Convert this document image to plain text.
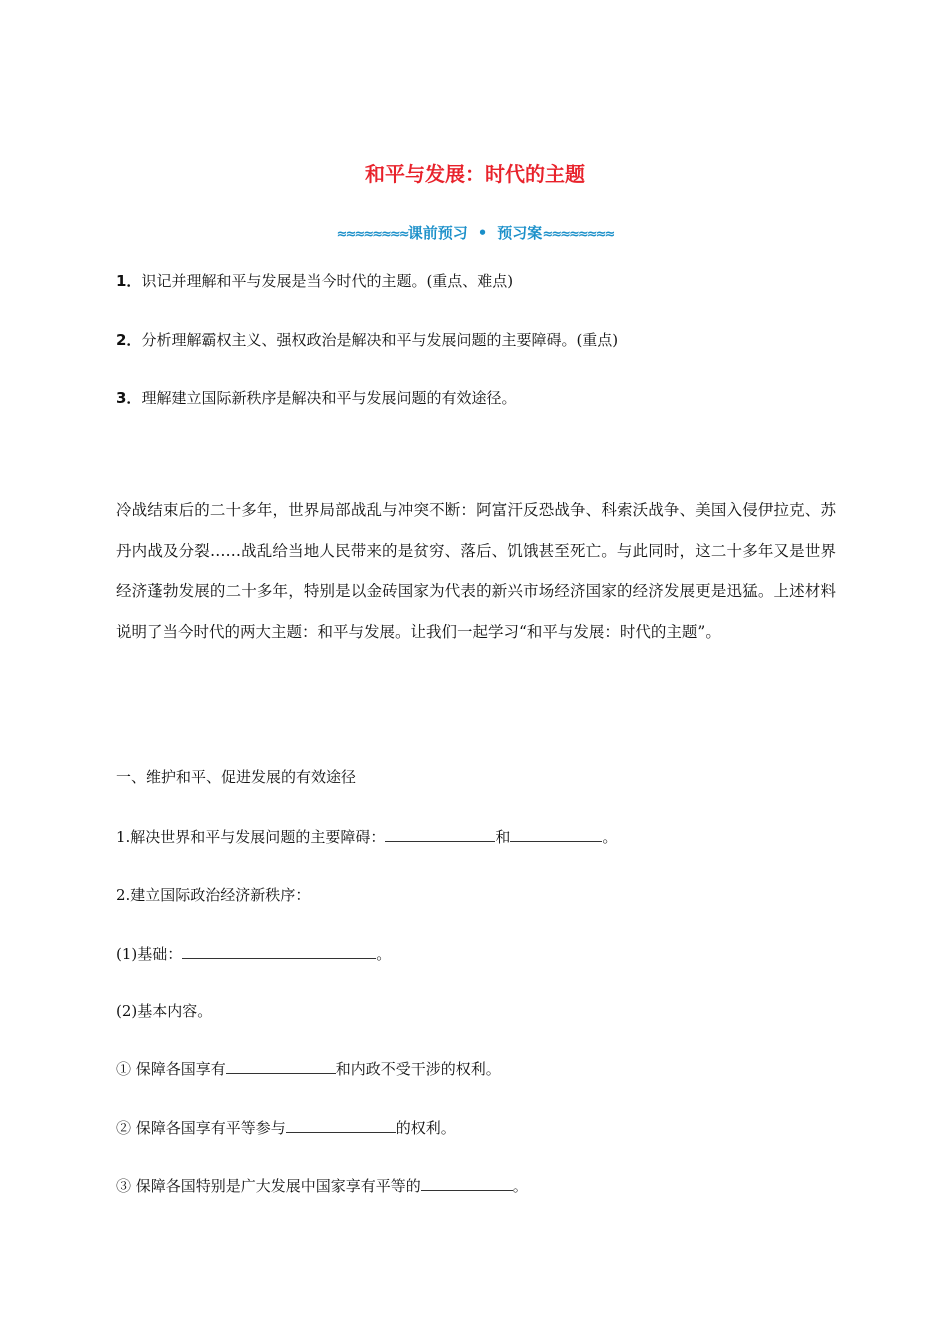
和平与发展：时代的主题
≈≈≈≈≈≈≈≈课前预习 • 预习案≈≈≈≈≈≈≈≈
1．识记并理解和平与发展是当今时代的主题。(重点、难点)
2．分析理解霸权主义、强权政治是解决和平与发展问题的主要障碍。(重点)
3．理解建立国际新秩序是解决和平与发展问题的有效途径。
冷战结束后的二十多年，世界局部战乱与冲突不断：阿富汗反恐战争、科索沃战争、美国入侵伊拉克、苏丹内战及分裂……战乱给当地人民带来的是贫穷、落后、饥饿甚至死亡。与此同时，这二十多年又是世界经济蓬勃发展的二十多年，特别是以金砖国家为代表的新兴市场经济国家的经济发展更是迅猛。上述材料说明了当今时代的两大主题：和平与发展。让我们一起学习“和平与发展：时代的主题”。
一、维护和平、促进发展的有效途径
1.解决世界和平与发展问题的主要障碍：	和	。
2.建立国际政治经济新秩序：
(1)基础：	。
(2)基本内容。
① 保障各国享有	和内政不受干涉的权利。
② 保障各国享有平等参与	的权利。
③ 保障各国特别是广大发展中国家享有平等的	。
